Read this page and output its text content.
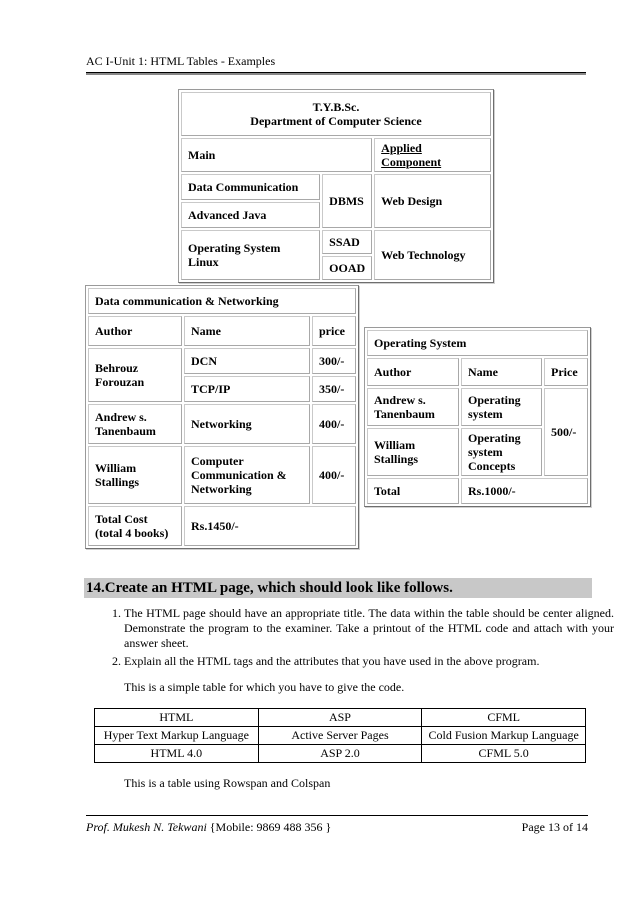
AC I-Unit 1: HTML Tables - Examples
T.Y.B.Sc.
Department of Computer Science		

Main		Applied Component
Data Communication	DBMS	Web Design
Advanced Java		
Operating System Linux	SSAD	Web Technology
	OOAD	
Data communication & Networking		
Author	Name	price
Behrouz Forouzan	DCN	300/-
	TCP/IP	350/-
Andrew s. Tanenbaum	Networking	400/-
William Stallings	Computer Communication & Networking	400/-
Total Cost (total 4 books)	Rs.1450/-	
Operating System		
Author	Name	Price
Andrew s. Tanenbaum	Operating system	500/-
William Stallings	Operating system Concepts	
Total	Rs.1000/-	
14.Create an HTML page, which should look like follows.
1. The HTML page should have an appropriate title. The data within the table should be center aligned. Demonstrate the program to the examiner. Take a printout of the HTML code and attach with your answer sheet.
2. Explain all the HTML tags and the attributes that you have used in the above program.
This is a simple table for which you have to give the code.
HTML	ASP	CFML
Hyper Text Markup Language	Active Server Pages	Cold Fusion Markup Language
HTML 4.0	ASP 2.0	CFML 5.0
This is a table using Rowspan and Colspan
Prof. Mukesh N. Tekwani {Mobile: 9869 488 356 }	Page 13 of 14
